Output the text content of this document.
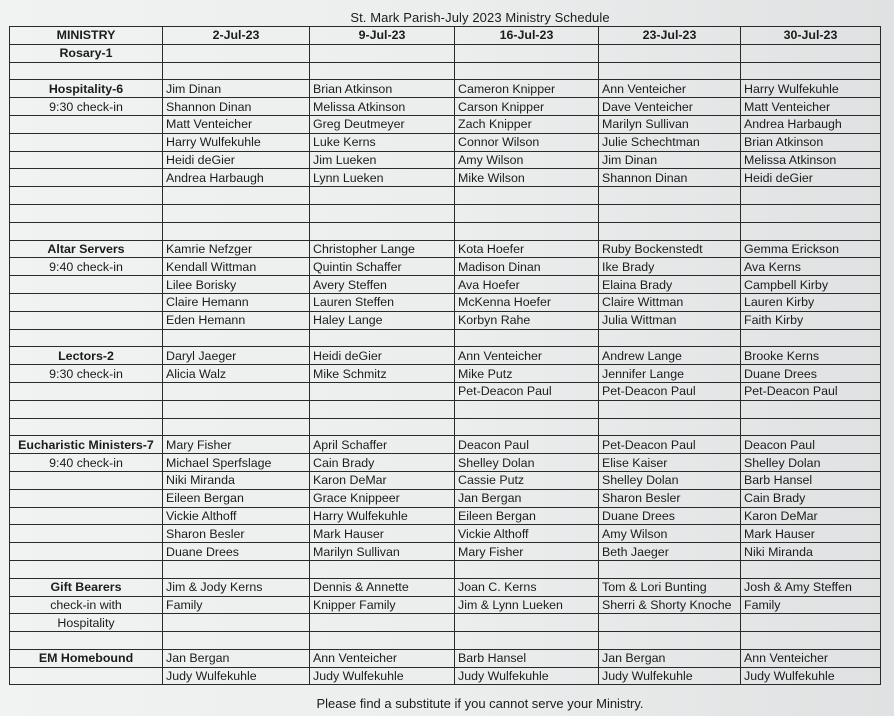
St. Mark Parish-July 2023 Ministry Schedule
MINISTRY	2-Jul-23	9-Jul-23	16-Jul-23	23-Jul-23	30-Jul-23
Rosary-1					

Hospitality-6	Jim Dinan	Brian Atkinson	Cameron Knipper	Ann Venteicher	Harry Wulfekuhle
9:30 check-in	Shannon Dinan	Melissa Atkinson	Carson Knipper	Dave Venteicher	Matt Venteicher
	Matt Venteicher	Greg Deutmeyer	Zach Knipper	Marilyn Sullivan	Andrea Harbaugh
	Harry Wulfekuhle	Luke Kerns	Connor Wilson	Julie Schechtman	Brian Atkinson
	Heidi deGier	Jim Lueken	Amy Wilson	Jim Dinan	Melissa Atkinson
	Andrea Harbaugh	Lynn Lueken	Mike Wilson	Shannon Dinan	Heidi deGier

Altar Servers	Kamrie Nefzger	Christopher Lange	Kota Hoefer	Ruby Bockenstedt	Gemma Erickson
9:40 check-in	Kendall Wittman	Quintin Schaffer	Madison Dinan	Ike Brady	Ava Kerns
	Lilee Borisky	Avery Steffen	Ava Hoefer	Elaina Brady	Campbell Kirby
	Claire Hemann	Lauren Steffen	McKenna Hoefer	Claire Wittman	Lauren Kirby
	Eden Hemann	Haley Lange	Korbyn Rahe	Julia Wittman	Faith Kirby

Lectors-2	Daryl Jaeger	Heidi deGier	Ann Venteicher	Andrew Lange	Brooke Kerns
9:30 check-in	Alicia Walz	Mike Schmitz	Mike Putz	Jennifer Lange	Duane Drees
			Pet-Deacon Paul	Pet-Deacon Paul	Pet-Deacon Paul

Eucharistic Ministers-7	Mary Fisher	April Schaffer	Deacon Paul	Pet-Deacon Paul	Deacon Paul
9:40 check-in	Michael Sperfslage	Cain Brady	Shelley Dolan	Elise Kaiser	Shelley Dolan
	Niki Miranda	Karon DeMar	Cassie Putz	Shelley Dolan	Barb Hansel
	Eileen Bergan	Grace Knippeer	Jan Bergan	Sharon Besler	Cain Brady
	Vickie Althoff	Harry Wulfekuhle	Eileen Bergan	Duane Drees	Karon DeMar
	Sharon Besler	Mark Hauser	Vickie Althoff	Amy Wilson	Mark Hauser
	Duane Drees	Marilyn Sullivan	Mary Fisher	Beth Jaeger	Niki Miranda

Gift Bearers	Jim & Jody Kerns	Dennis & Annette	Joan C. Kerns	Tom & Lori Bunting	Josh & Amy Steffen
check-in with	Family	Knipper Family	Jim & Lynn Lueken	Sherri & Shorty Knoche	Family
Hospitality					

EM Homebound	Jan Bergan	Ann Venteicher	Barb Hansel	Jan Bergan	Ann Venteicher
	Judy Wulfekuhle	Judy Wulfekuhle	Judy Wulfekuhle	Judy Wulfekuhle	Judy Wulfekuhle
Please find a substitute if you cannot serve your Ministry.
